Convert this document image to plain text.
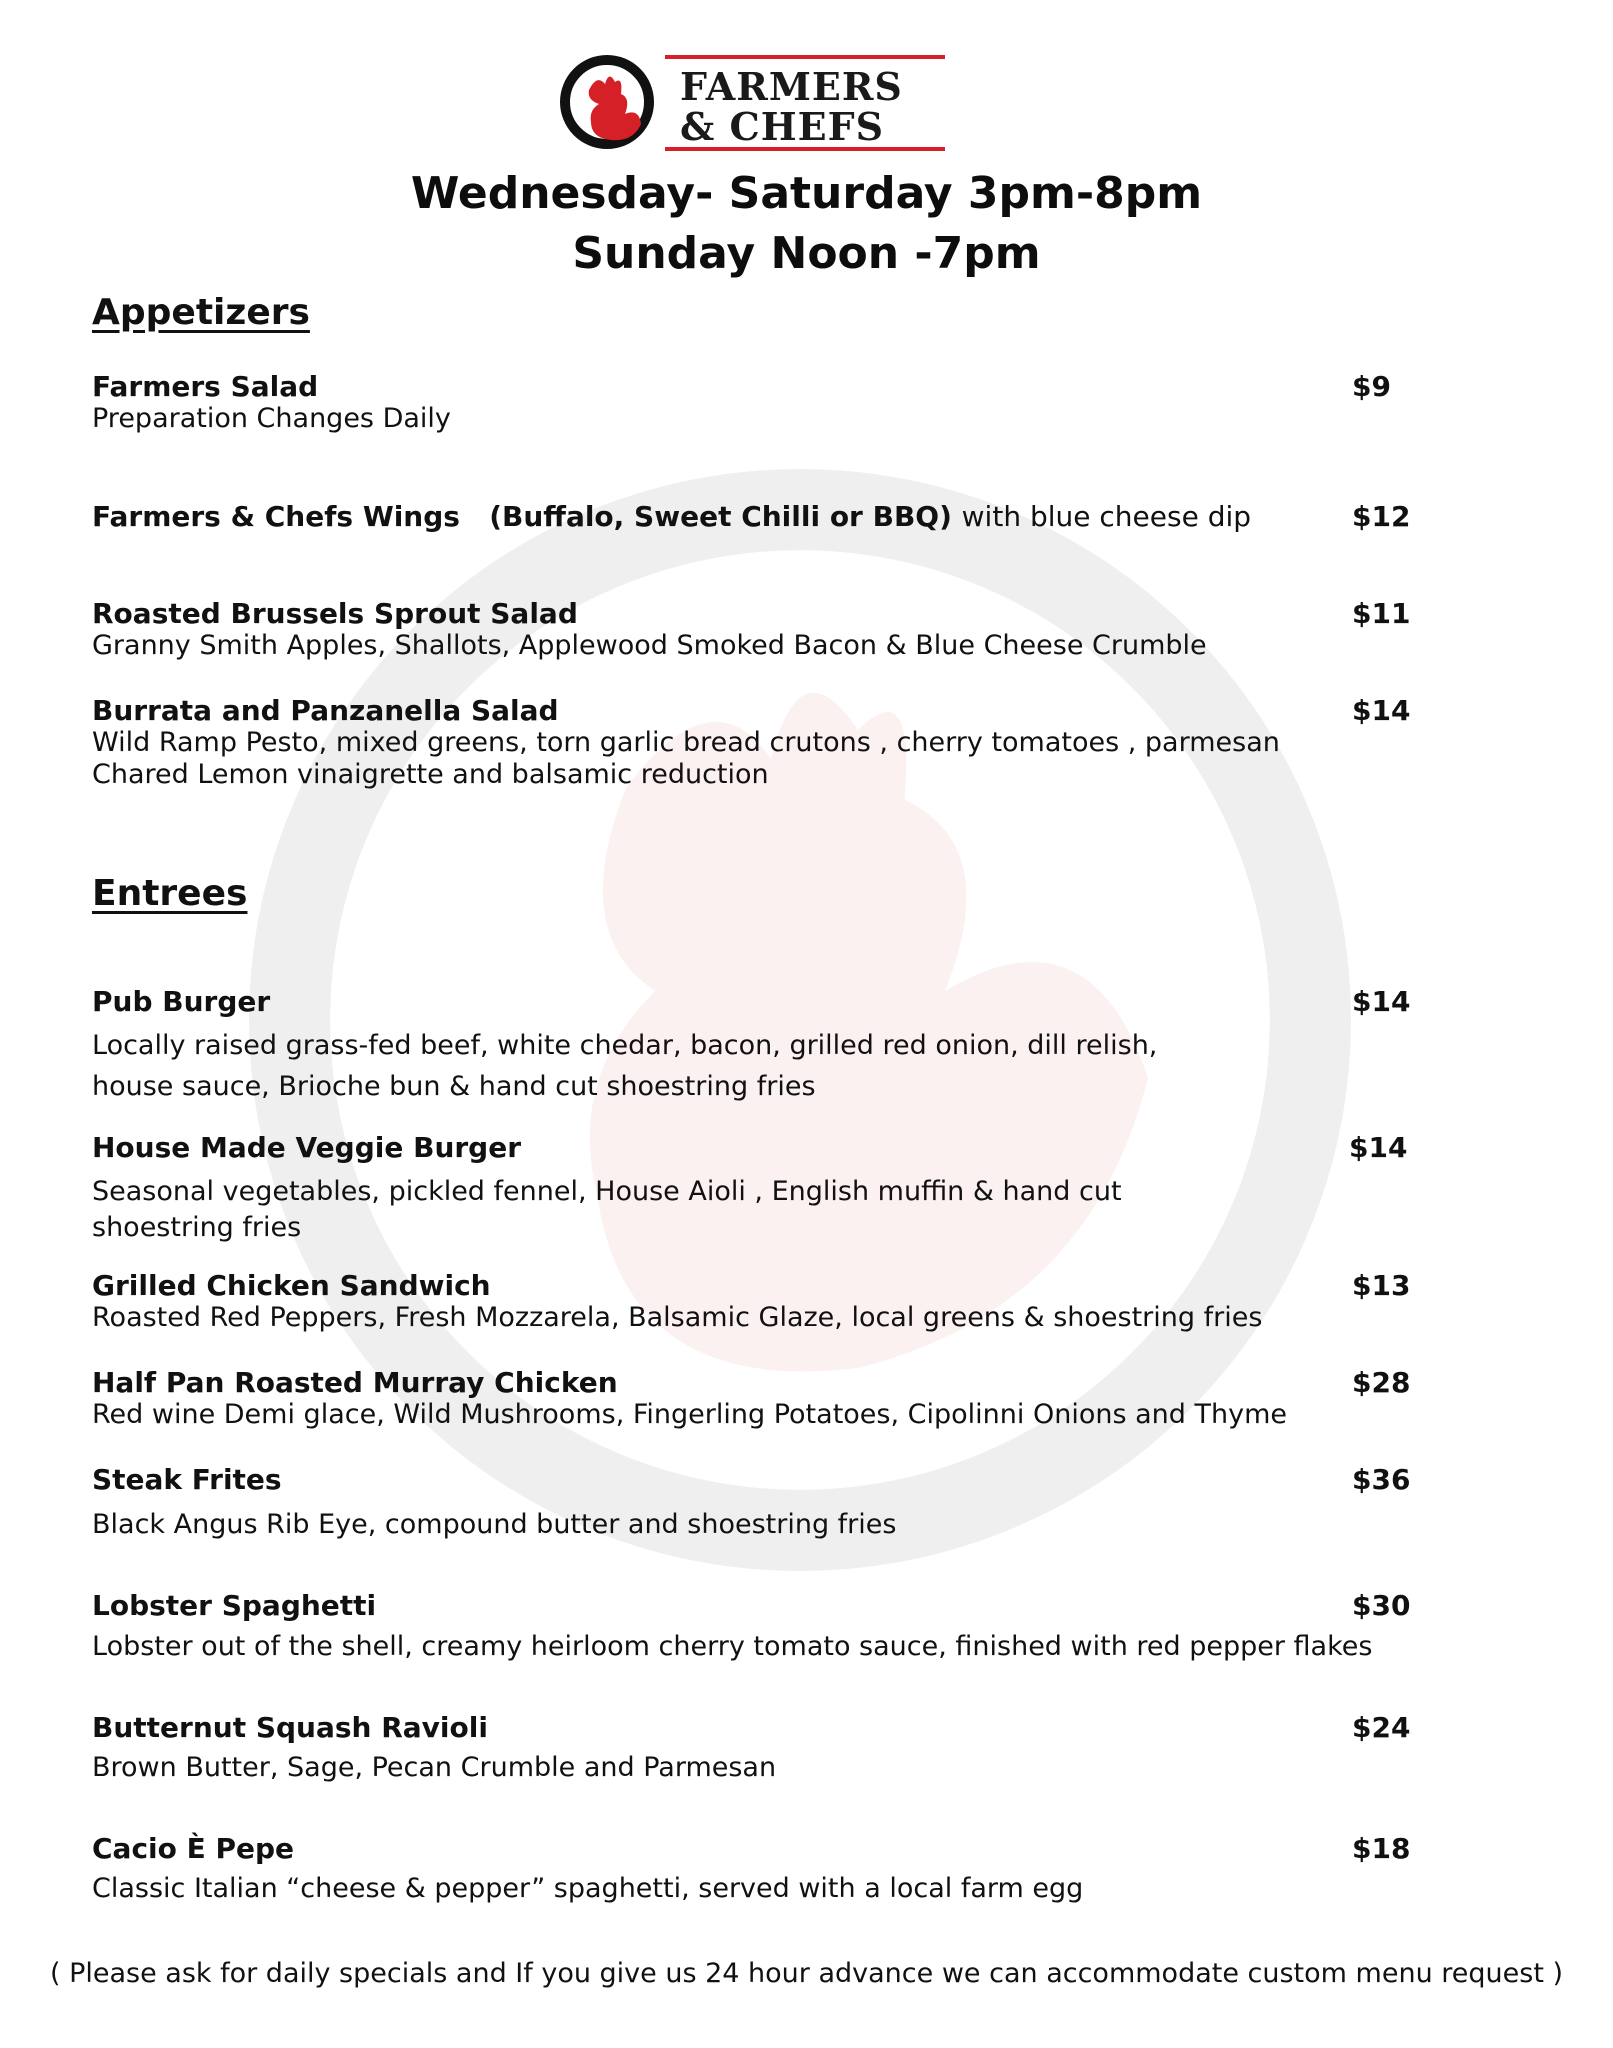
FARMERS
& CHEFS
Wednesday- Saturday 3pm-8pm
Sunday Noon -7pm
Appetizers
Farmers Salad	$9
Preparation Changes Daily
Farmers & Chefs Wings (Buffalo, Sweet Chilli or BBQ) with blue cheese dip	$12
Roasted Brussels Sprout Salad	$11
Granny Smith Apples, Shallots, Applewood Smoked Bacon & Blue Cheese Crumble
Burrata and Panzanella Salad	$14
Wild Ramp Pesto, mixed greens, torn garlic bread crutons , cherry tomatoes , parmesan
Chared Lemon vinaigrette and balsamic reduction
Entrees
Pub Burger	$14
Locally raised grass-fed beef, white chedar, bacon, grilled red onion, dill relish,
house sauce, Brioche bun & hand cut shoestring fries
House Made Veggie Burger	$14
Seasonal vegetables, pickled fennel, House Aioli , English muffin & hand cut
shoestring fries
Grilled Chicken Sandwich	$13
Roasted Red Peppers, Fresh Mozzarela, Balsamic Glaze, local greens & shoestring fries
Half Pan Roasted Murray Chicken	$28
Red wine Demi glace, Wild Mushrooms, Fingerling Potatoes, Cipolinni Onions and Thyme
Steak Frites	$36
Black Angus Rib Eye, compound butter and shoestring fries
Lobster Spaghetti	$30
Lobster out of the shell, creamy heirloom cherry tomato sauce, finished with red pepper flakes
Butternut Squash Ravioli	$24
Brown Butter, Sage, Pecan Crumble and Parmesan
Cacio È Pepe	$18
Classic Italian “cheese & pepper” spaghetti, served with a local farm egg
( Please ask for daily specials and If you give us 24 hour advance we can accommodate custom menu request )
